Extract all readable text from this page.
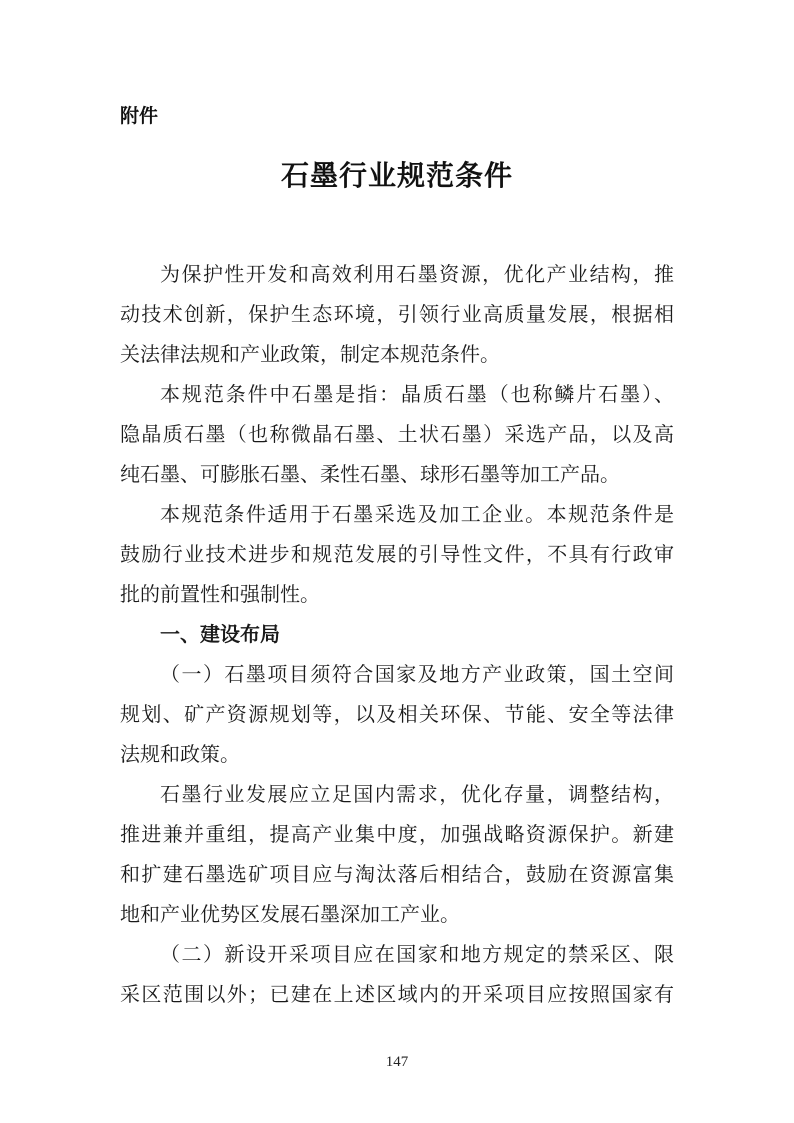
附件
石墨行业规范条件
为保护性开发和高效利用石墨资源，优化产业结构，推
动技术创新，保护生态环境，引领行业高质量发展，根据相
关法律法规和产业政策，制定本规范条件。
本规范条件中石墨是指：晶质石墨（也称鳞片石墨）、
隐晶质石墨（也称微晶石墨、土状石墨）采选产品，以及高
纯石墨、可膨胀石墨、柔性石墨、球形石墨等加工产品。
本规范条件适用于石墨采选及加工企业。本规范条件是
鼓励行业技术进步和规范发展的引导性文件，不具有行政审
批的前置性和强制性。
一、建设布局
（一）石墨项目须符合国家及地方产业政策，国土空间
规划、矿产资源规划等，以及相关环保、节能、安全等法律
法规和政策。
石墨行业发展应立足国内需求，优化存量，调整结构，
推进兼并重组，提高产业集中度，加强战略资源保护。新建
和扩建石墨选矿项目应与淘汰落后相结合，鼓励在资源富集
地和产业优势区发展石墨深加工产业。
（二）新设开采项目应在国家和地方规定的禁采区、限
采区范围以外；已建在上述区域内的开采项目应按照国家有
147
